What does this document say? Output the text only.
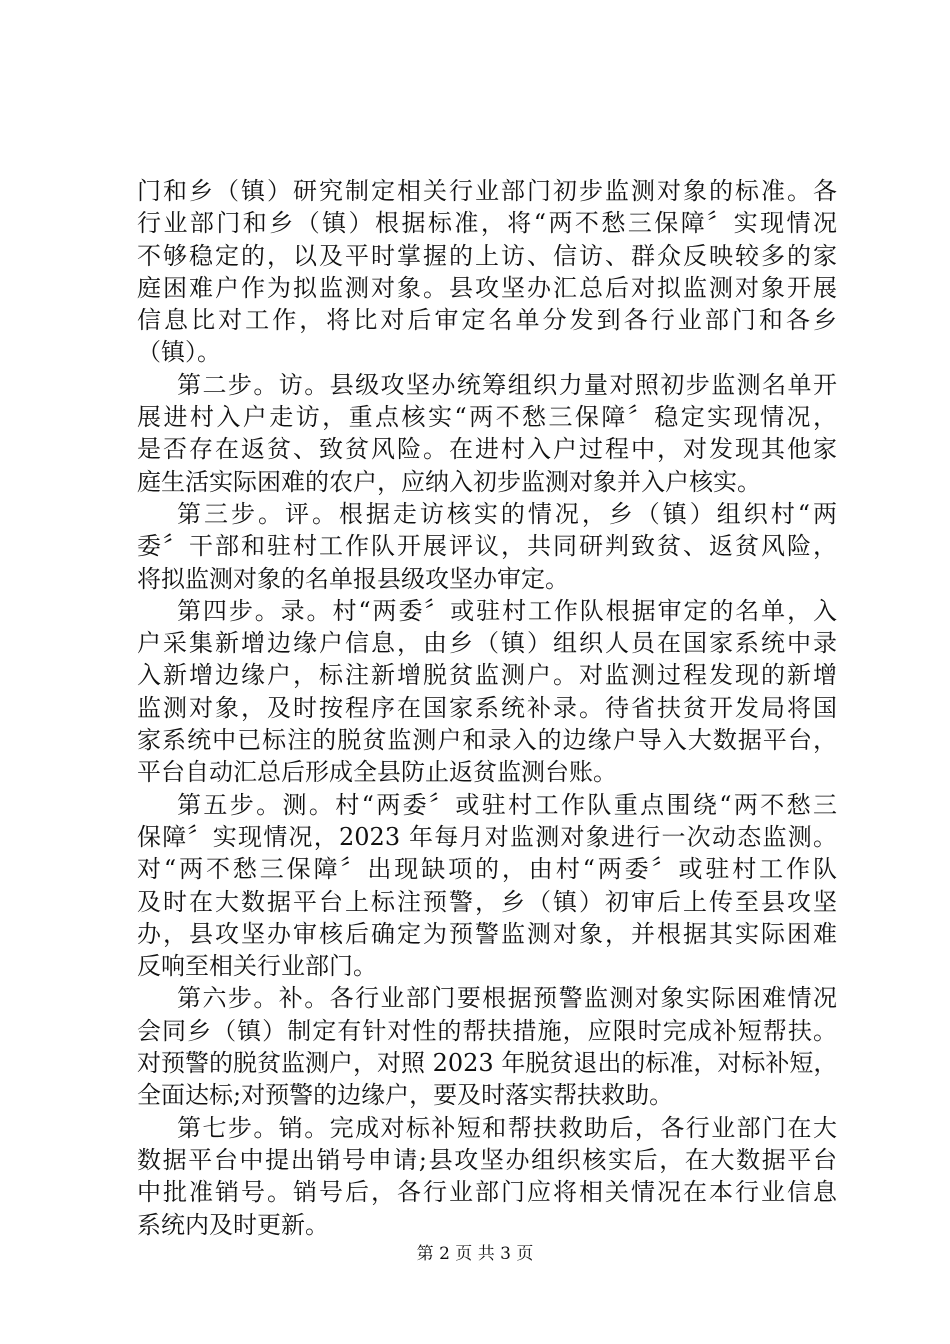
门和乡（镇）研究制定相关行业部门初步监测对象的标准。各
行业部门和乡（镇）根据标准，将“两不愁三保障〞实现情况
不够稳定的，以及平时掌握的上访、信访、群众反映较多的家
庭困难户作为拟监测对象。县攻坚办汇总后对拟监测对象开展
信息比对工作，将比对后审定名单分发到各行业部门和各乡
（镇）。
第二步。访。县级攻坚办统筹组织力量对照初步监测名单开
展进村入户走访，重点核实“两不愁三保障〞稳定实现情况，
是否存在返贫、致贫风险。在进村入户过程中，对发现其他家
庭生活实际困难的农户，应纳入初步监测对象并入户核实。
第三步。评。根据走访核实的情况，乡（镇）组织村“两
委〞干部和驻村工作队开展评议，共同研判致贫、返贫风险，
将拟监测对象的名单报县级攻坚办审定。
第四步。录。村“两委〞或驻村工作队根据审定的名单，入
户采集新增边缘户信息，由乡（镇）组织人员在国家系统中录
入新增边缘户，标注新增脱贫监测户。对监测过程发现的新增
监测对象，及时按程序在国家系统补录。待省扶贫开发局将国
家系统中已标注的脱贫监测户和录入的边缘户导入大数据平台，
平台自动汇总后形成全县防止返贫监测台账。
第五步。测。村“两委〞或驻村工作队重点围绕“两不愁三
保障〞实现情况，2023 年每月对监测对象进行一次动态监测。
对“两不愁三保障〞出现缺项的，由村“两委〞或驻村工作队
及时在大数据平台上标注预警，乡（镇）初审后上传至县攻坚
办，县攻坚办审核后确定为预警监测对象，并根据其实际困难
反响至相关行业部门。
第六步。补。各行业部门要根据预警监测对象实际困难情况
会同乡（镇）制定有针对性的帮扶措施，应限时完成补短帮扶。
对预警的脱贫监测户，对照 2023 年脱贫退出的标准，对标补短，
全面达标;对预警的边缘户，要及时落实帮扶救助。
第七步。销。完成对标补短和帮扶救助后，各行业部门在大
数据平台中提出销号申请;县攻坚办组织核实后，在大数据平台
中批准销号。销号后，各行业部门应将相关情况在本行业信息
系统内及时更新。
第 2 页 共 3 页
